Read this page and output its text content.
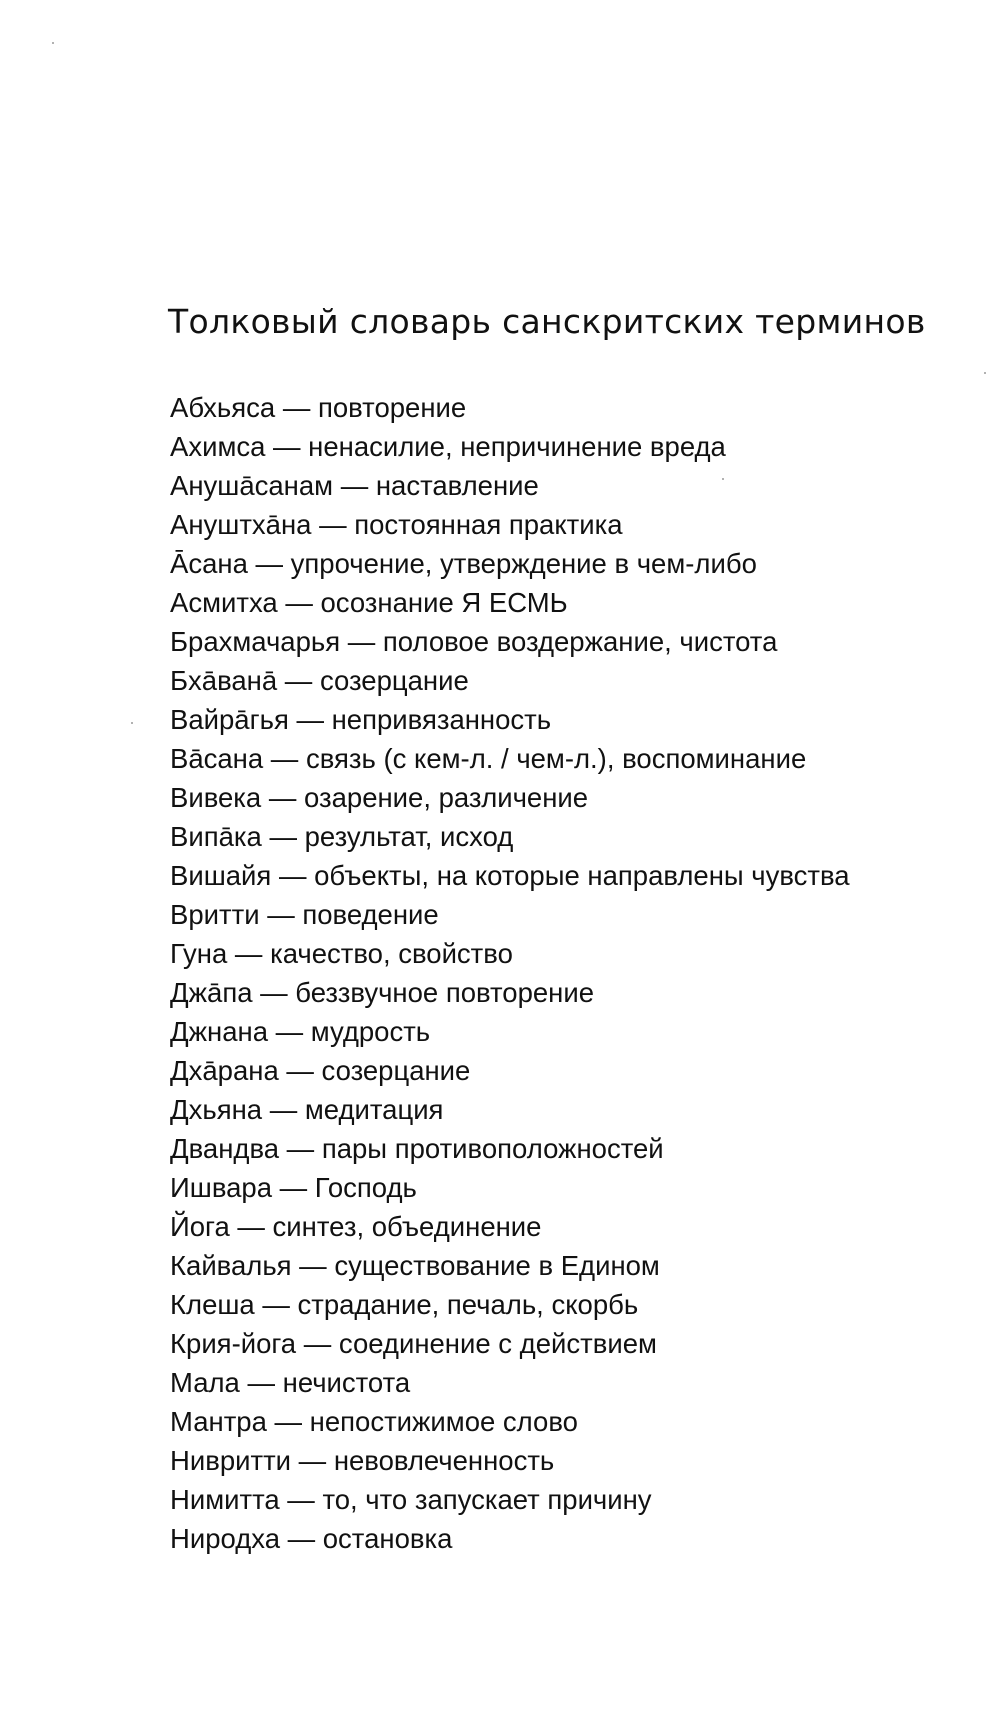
Толковый словарь санскритских терминов
Абхьяса — повторение
Ахимса — ненасилие, непричинение вреда
Анушāсанам — наставление
Ануштхāна — постоянная практика
Āсана — упрочение, утверждение в чем-либо
Асмитха — осознание Я ЕСМЬ
Брахмачарья — половое воздержание, чистота
Бхāванā — созерцание
Вайрāгья — непривязанность
Вāсана — связь (с кем-л. / чем-л.), воспоминание
Вивека — озарение, различение
Випāка — результат, исход
Вишайя — объекты, на которые направлены чувства
Вритти — поведение
Гуна — качество, свойство
Джāпа — беззвучное повторение
Джнана — мудрость
Дхāрана — созерцание
Дхьяна — медитация
Двандва — пары противоположностей
Ишвара — Господь
Йога — синтез, объединение
Кайвалья — существование в Едином
Клеша — страдание, печаль, скорбь
Крия-йога — соединение с действием
Мала — нечистота
Мантра — непостижимое слово
Нивритти — невовлеченность
Нимитта — то, что запускает причину
Ниродха — остановка
